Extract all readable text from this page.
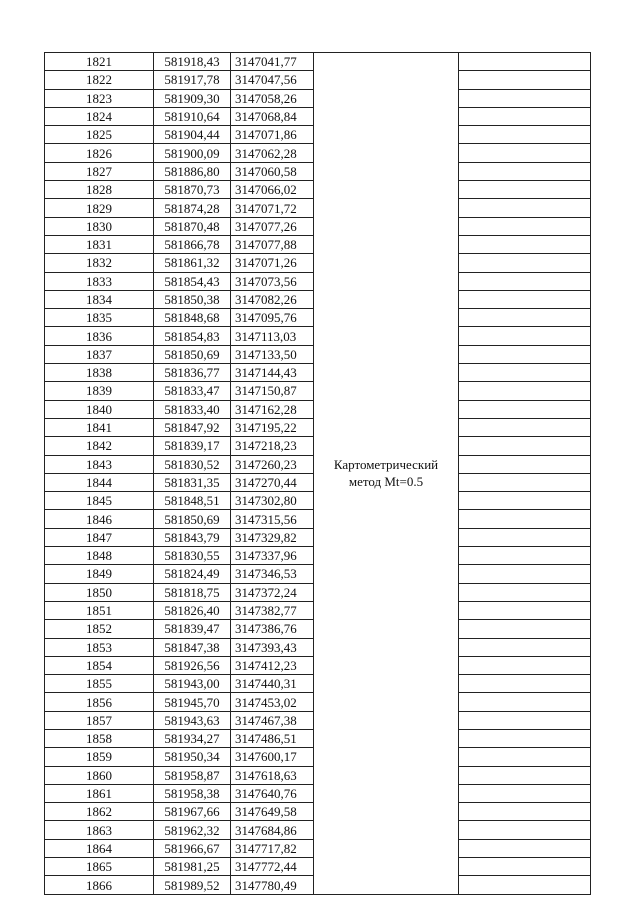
1821	581918,43	3147041,77	Картометрический
метод Mt=0.5	

1822	581917,78	3147047,56		
1823	581909,30	3147058,26		
1824	581910,64	3147068,84		
1825	581904,44	3147071,86		
1826	581900,09	3147062,28		
1827	581886,80	3147060,58		
1828	581870,73	3147066,02		
1829	581874,28	3147071,72		
1830	581870,48	3147077,26		
1831	581866,78	3147077,88		
1832	581861,32	3147071,26		
1833	581854,43	3147073,56		
1834	581850,38	3147082,26		
1835	581848,68	3147095,76		
1836	581854,83	3147113,03		
1837	581850,69	3147133,50		
1838	581836,77	3147144,43		
1839	581833,47	3147150,87		
1840	581833,40	3147162,28		
1841	581847,92	3147195,22		
1842	581839,17	3147218,23		
1843	581830,52	3147260,23		
1844	581831,35	3147270,44		
1845	581848,51	3147302,80		
1846	581850,69	3147315,56		
1847	581843,79	3147329,82		
1848	581830,55	3147337,96		
1849	581824,49	3147346,53		
1850	581818,75	3147372,24		
1851	581826,40	3147382,77		
1852	581839,47	3147386,76		
1853	581847,38	3147393,43		
1854	581926,56	3147412,23		
1855	581943,00	3147440,31		
1856	581945,70	3147453,02		
1857	581943,63	3147467,38		
1858	581934,27	3147486,51		
1859	581950,34	3147600,17		
1860	581958,87	3147618,63		
1861	581958,38	3147640,76		
1862	581967,66	3147649,58		
1863	581962,32	3147684,86		
1864	581966,67	3147717,82		
1865	581981,25	3147772,44		
1866	581989,52	3147780,49		
